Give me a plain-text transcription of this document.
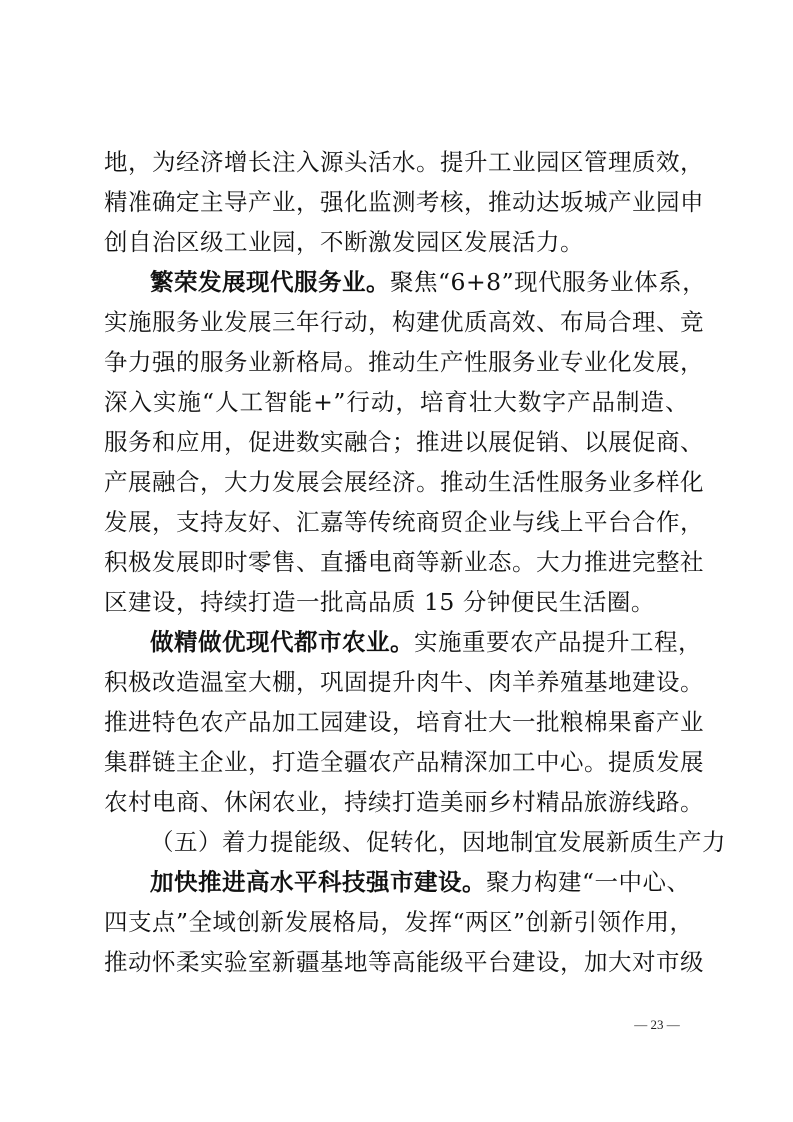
地，为经济增长注入源头活水。提升工业园区管理质效，
精准确定主导产业，强化监测考核，推动达坂城产业园申
创自治区级工业园，不断激发园区发展活力。
繁荣发展现代服务业。聚焦“6+8”现代服务业体系，
实施服务业发展三年行动，构建优质高效、布局合理、竞
争力强的服务业新格局。推动生产性服务业专业化发展，
深入实施“人工智能+”行动，培育壮大数字产品制造、
服务和应用，促进数实融合；推进以展促销、以展促商、
产展融合，大力发展会展经济。推动生活性服务业多样化
发展，支持友好、汇嘉等传统商贸企业与线上平台合作，
积极发展即时零售、直播电商等新业态。大力推进完整社
区建设，持续打造一批高品质 15 分钟便民生活圈。
做精做优现代都市农业。实施重要农产品提升工程，
积极改造温室大棚，巩固提升肉牛、肉羊养殖基地建设。
推进特色农产品加工园建设，培育壮大一批粮棉果畜产业
集群链主企业，打造全疆农产品精深加工中心。提质发展
农村电商、休闲农业，持续打造美丽乡村精品旅游线路。
（五）着力提能级、促转化，因地制宜发展新质生产力
加快推进高水平科技强市建设。聚力构建“一中心、
四支点”全域创新发展格局，发挥“两区”创新引领作用，
推动怀柔实验室新疆基地等高能级平台建设，加大对市级
— 23 —
